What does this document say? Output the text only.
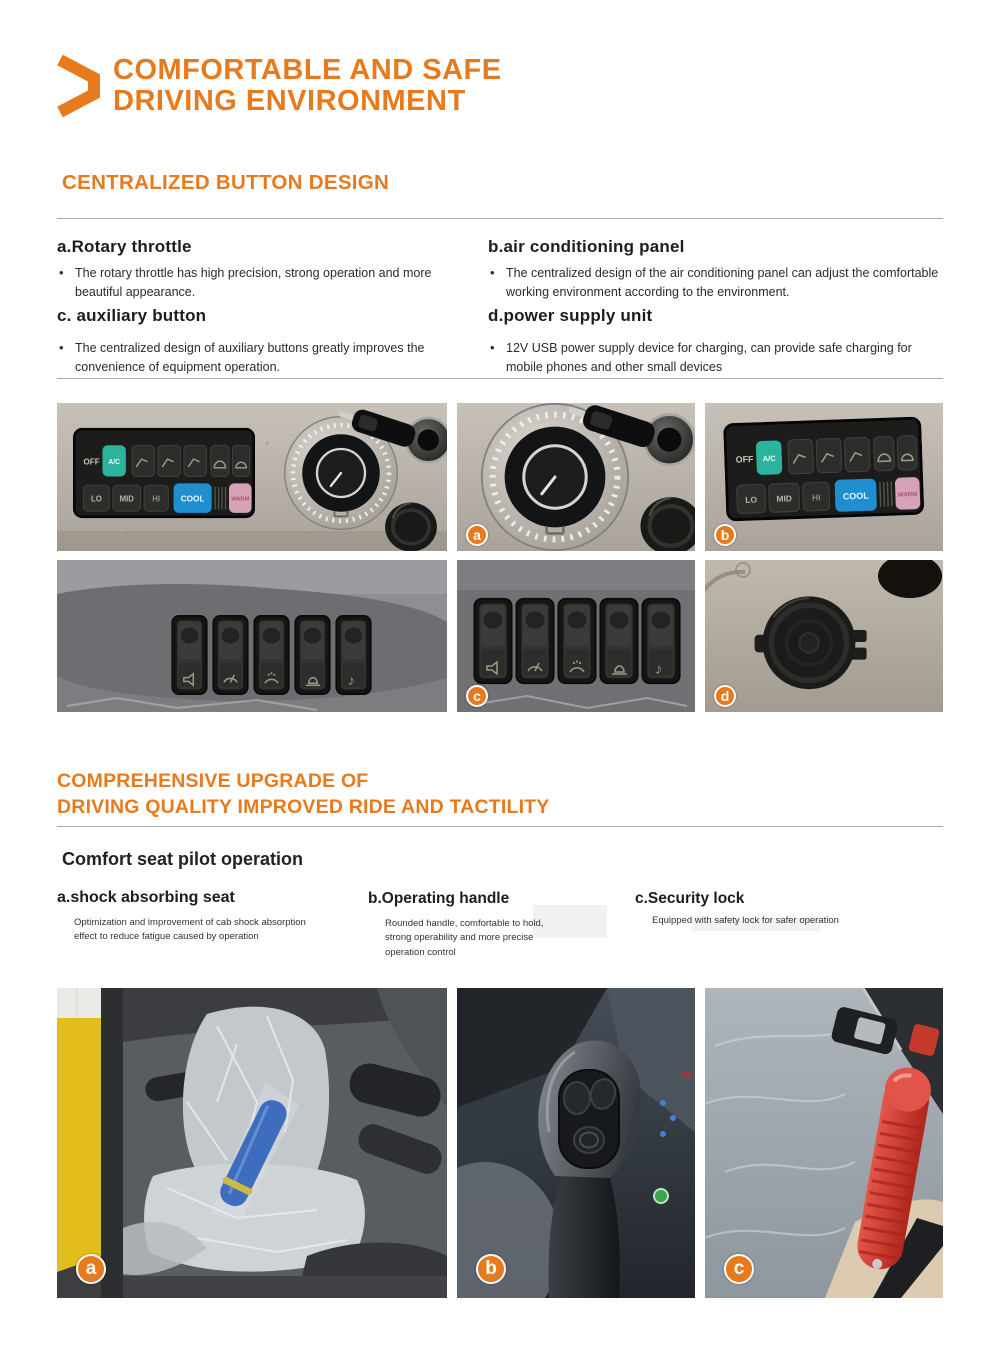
COMFORTABLE AND SAFE
DRIVING ENVIRONMENT
CENTRALIZED BUTTON DESIGN
a.Rotary throttle
• The rotary throttle has high precision, strong operation and more beautiful appearance.
b.air conditioning panel
• The centralized design of the air conditioning panel can adjust the comfortable working environment according to the environment.
c. auxiliary button
• The centralized design of auxiliary buttons greatly improves the convenience of equipment operation.
d.power supply unit
• 12V USB power supply device for charging, can provide safe charging for mobile phones and other small devices
a	b
c	d
COMPREHENSIVE UPGRADE OF
DRIVING QUALITY IMPROVED RIDE AND TACTILITY
Comfort seat pilot operation
a.shock absorbing seat
Optimization and improvement of cab shock absorption effect to reduce fatigue caused by operation
b.Operating handle
Rounded handle, comfortable to hold, strong operability and more precise operation control
c.Security lock
Equipped with safety lock for safer operation
a	b	c
